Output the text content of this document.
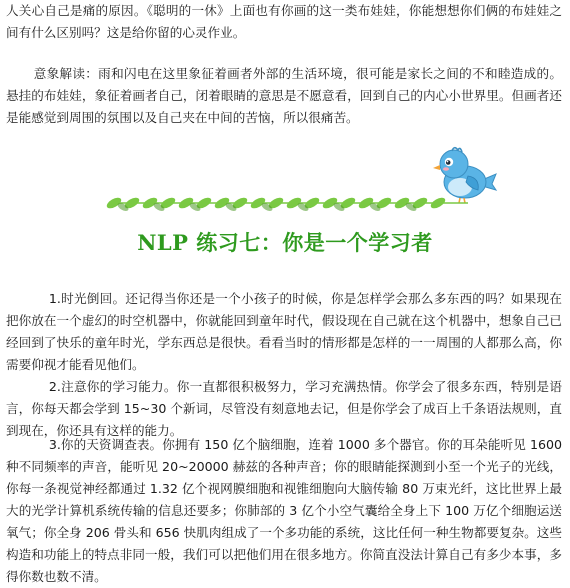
人关心自己是痛的原因。《聪明的一休》上面也有你画的这一类布娃娃，你能想想你们俩的布娃娃之间有什么区别吗？这是给你留的心灵作业。

意象解读：雨和闪电在这里象征着画者外部的生活环境，很可能是家长之间的不和睦造成的。悬挂的布娃娃，象征着画者自己，闭着眼睛的意思是不愿意看，回到自己的内心小世界里。但画者还是能感觉到周围的氛围以及自己夹在中间的苦恼，所以很痛苦。

NLP 练习七：你是一个学习者

1.时光倒回。还记得当你还是一个小孩子的时候，你是怎样学会那么多东西的吗？如果现在把你放在一个虚幻的时空机器中，你就能回到童年时代，假设现在自己就在这个机器中，想象自己已经回到了快乐的童年时光，学东西总是很快。看看当时的情形都是怎样的一一周围的人都那么高，你需要仰视才能看见他们。

2.注意你的学习能力。你一直都很积极努力，学习充满热情。你学会了很多东西，特别是语言，你每天都会学到 15~30 个新词，尽管没有刻意地去记，但是你学会了成百上千条语法规则，直到现在，你还具有这样的能力。

3.你的天资调查表。你拥有 150 亿个脑细胞，连着 1000 多个器官。你的耳朵能听见 1600 种不同频率的声音，能听见 20~20000 赫兹的各种声音；你的眼睛能探测到小至一个光子的光线，你每一条视觉神经都通过 1.32 亿个视网膜细胞和视锥细胞向大脑传输 80 万束光纤，这比世界上最大的光学计算机系统传输的信息还要多；你肺部的 3 亿个小空气囊给全身上下 100 万亿个细胞运送氧气；你全身 206 骨头和 656 快肌肉组成了一个多功能的系统，这比任何一种生物都要复杂。这些构造和功能上的特点非同一般，我们可以把他们用在很多地方。你简直没法计算自己有多少本事，多得你数也数不清。
